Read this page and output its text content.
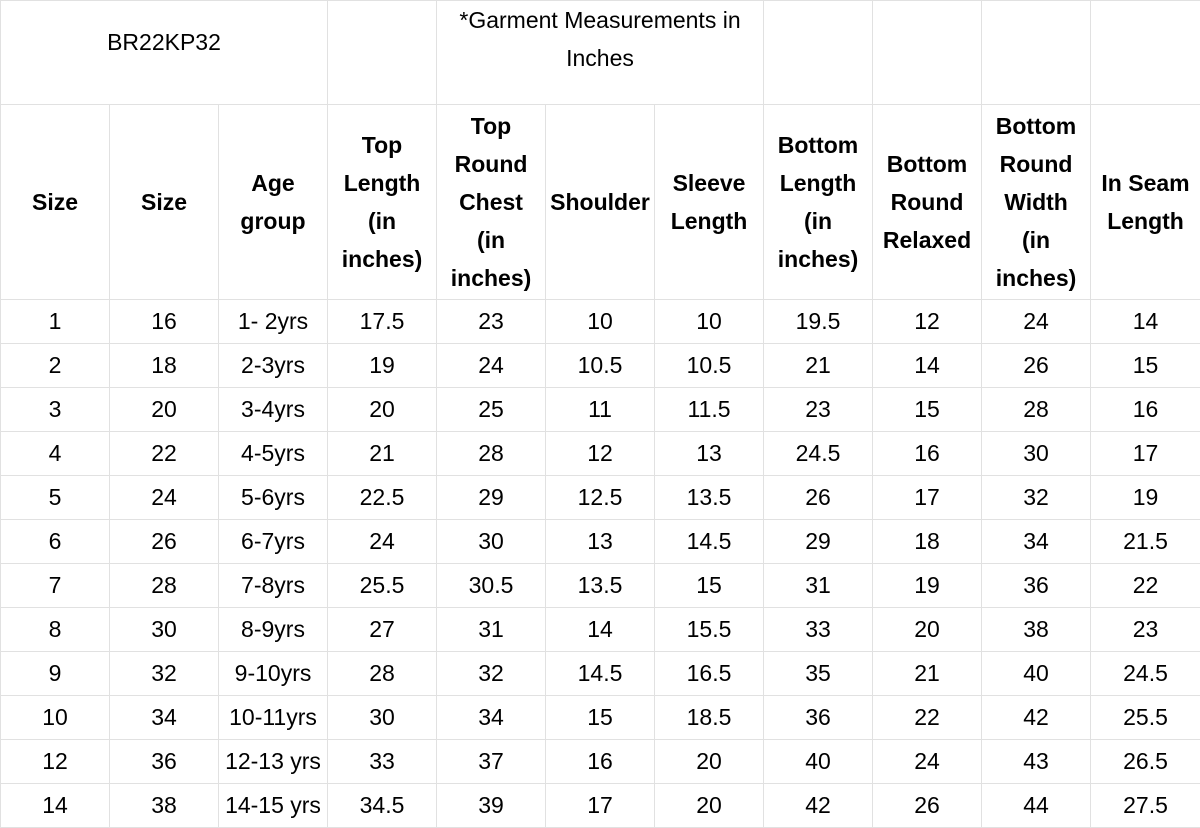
BR22KP32				*Garment Measurements in Inches						
Size	Size	Age group	Top Length (in inches)	Top Round Chest (in inches)	Shoulder	Sleeve Length	Bottom Length (in inches)	Bottom Round Relaxed	Bottom Round Width (in inches)	In Seam Length
1	16	1- 2yrs	17.5	23	10	10	19.5	12	24	14
2	18	2-3yrs	19	24	10.5	10.5	21	14	26	15
3	20	3-4yrs	20	25	11	11.5	23	15	28	16
4	22	4-5yrs	21	28	12	13	24.5	16	30	17
5	24	5-6yrs	22.5	29	12.5	13.5	26	17	32	19
6	26	6-7yrs	24	30	13	14.5	29	18	34	21.5
7	28	7-8yrs	25.5	30.5	13.5	15	31	19	36	22
8	30	8-9yrs	27	31	14	15.5	33	20	38	23
9	32	9-10yrs	28	32	14.5	16.5	35	21	40	24.5
10	34	10-11yrs	30	34	15	18.5	36	22	42	25.5
12	36	12-13 yrs	33	37	16	20	40	24	43	26.5
14	38	14-15 yrs	34.5	39	17	20	42	26	44	27.5
